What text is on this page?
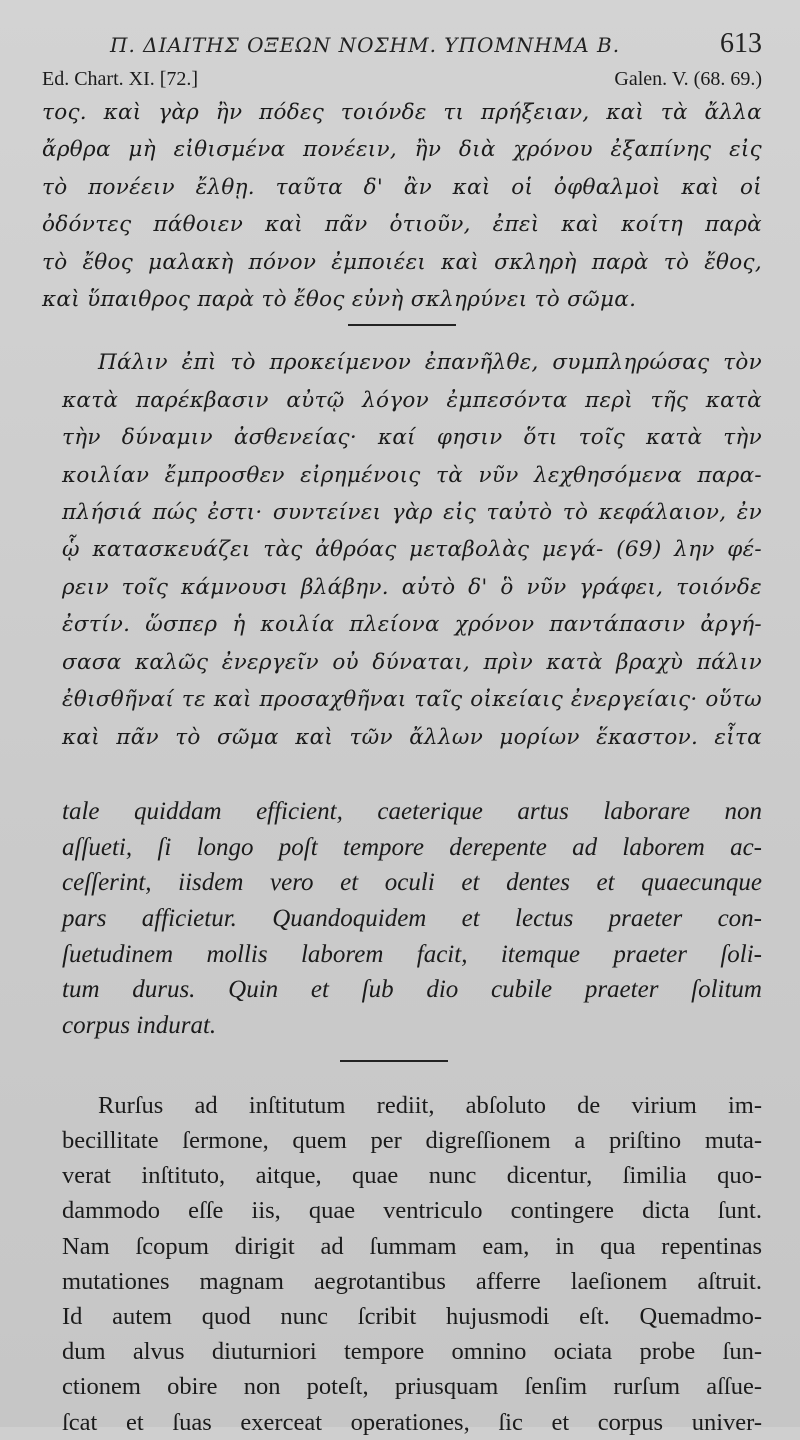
Π. ΔΙΑΙΤΗΣ ΟΞΕΩΝ ΝΟΣΗΜ. ΥΠΟΜΝΗΜΑ Β.	613
Ed. Chart. XI. [72.]	Galen. V. (68. 69.)
τος. καὶ γὰρ ἢν πόδες τοιόνδε τι πρήξειαν, καὶ τὰ ἄλλα
ἄρθρα μὴ εἰθισμένα πονέειν, ἢν διὰ χρόνου ἐξαπίνης εἰς
τὸ πονέειν ἔλθῃ. ταῦτα δ' ἂν καὶ οἱ ὀφθαλμοὶ καὶ οἱ
ὀδόντες πάθοιεν καὶ πᾶν ὁτιοῦν, ἐπεὶ καὶ κοίτη παρὰ
τὸ ἔθος μαλακὴ πόνον ἐμποιέει καὶ σκληρὴ παρὰ τὸ ἔθος,
καὶ ὕπαιθρος παρὰ τὸ ἔθος εὐνὴ σκληρύνει τὸ σῶμα.
Πάλιν ἐπὶ τὸ προκείμενον ἐπανῆλθε, συμπληρώσας τὸν
κατὰ παρέκβασιν αὐτῷ λόγον ἐμπεσόντα περὶ τῆς κατὰ
τὴν δύναμιν ἀσθενείας· καί φησιν ὅτι τοῖς κατὰ τὴν
κοιλίαν ἔμπροσθεν εἰρημένοις τὰ νῦν λεχθησόμενα παρα-
πλήσιά πώς ἐστι· συντείνει γὰρ εἰς ταὐτὸ τὸ κεφάλαιον, ἐν
ᾧ κατασκευάζει τὰς ἀθρόας μεταβολὰς μεγά- (69) λην φέ-
ρειν τοῖς κάμνουσι βλάβην. αὐτὸ δ' ὃ νῦν γράφει, τοιόνδε
ἐστίν. ὥσπερ ἡ κοιλία πλείονα χρόνον παντάπασιν ἀργή-
σασα καλῶς ἐνεργεῖν οὐ δύναται, πρὶν κατὰ βραχὺ πάλιν
ἐθισθῆναί τε καὶ προσαχθῆναι ταῖς οἰκείαις ἐνεργείαις· οὕτω
καὶ πᾶν τὸ σῶμα καὶ τῶν ἄλλων μορίων ἕκαστον. εἶτα
tale quiddam efficient, caeterique artus laborare non
aſſueti, ſi longo poſt tempore derepente ad laborem ac-
ceſſerint, iisdem vero et oculi et dentes et quaecunque
pars afficietur. Quandoquidem et lectus praeter con-
ſuetudinem mollis laborem facit, itemque praeter ſoli-
tum durus. Quin et ſub dio cubile praeter ſolitum
corpus indurat.
Rurſus ad inſtitutum rediit, abſoluto de virium im-
becillitate ſermone, quem per digreſſionem a priſtino muta-
verat inſtituto, aitque, quae nunc dicentur, ſimilia quo-
dammodo eſſe iis, quae ventriculo contingere dicta ſunt.
Nam ſcopum dirigit ad ſummam eam, in qua repentinas
mutationes magnam aegrotantibus afferre laeſionem aſtruit.
Id autem quod nunc ſcribit hujusmodi eſt. Quemadmo-
dum alvus diuturniori tempore omnino ociata probe ſun-
ctionem obire non poteſt, priusquam ſenſim rurſum aſſue-
ſcat et ſuas exerceat operationes, ſic et corpus univer-
